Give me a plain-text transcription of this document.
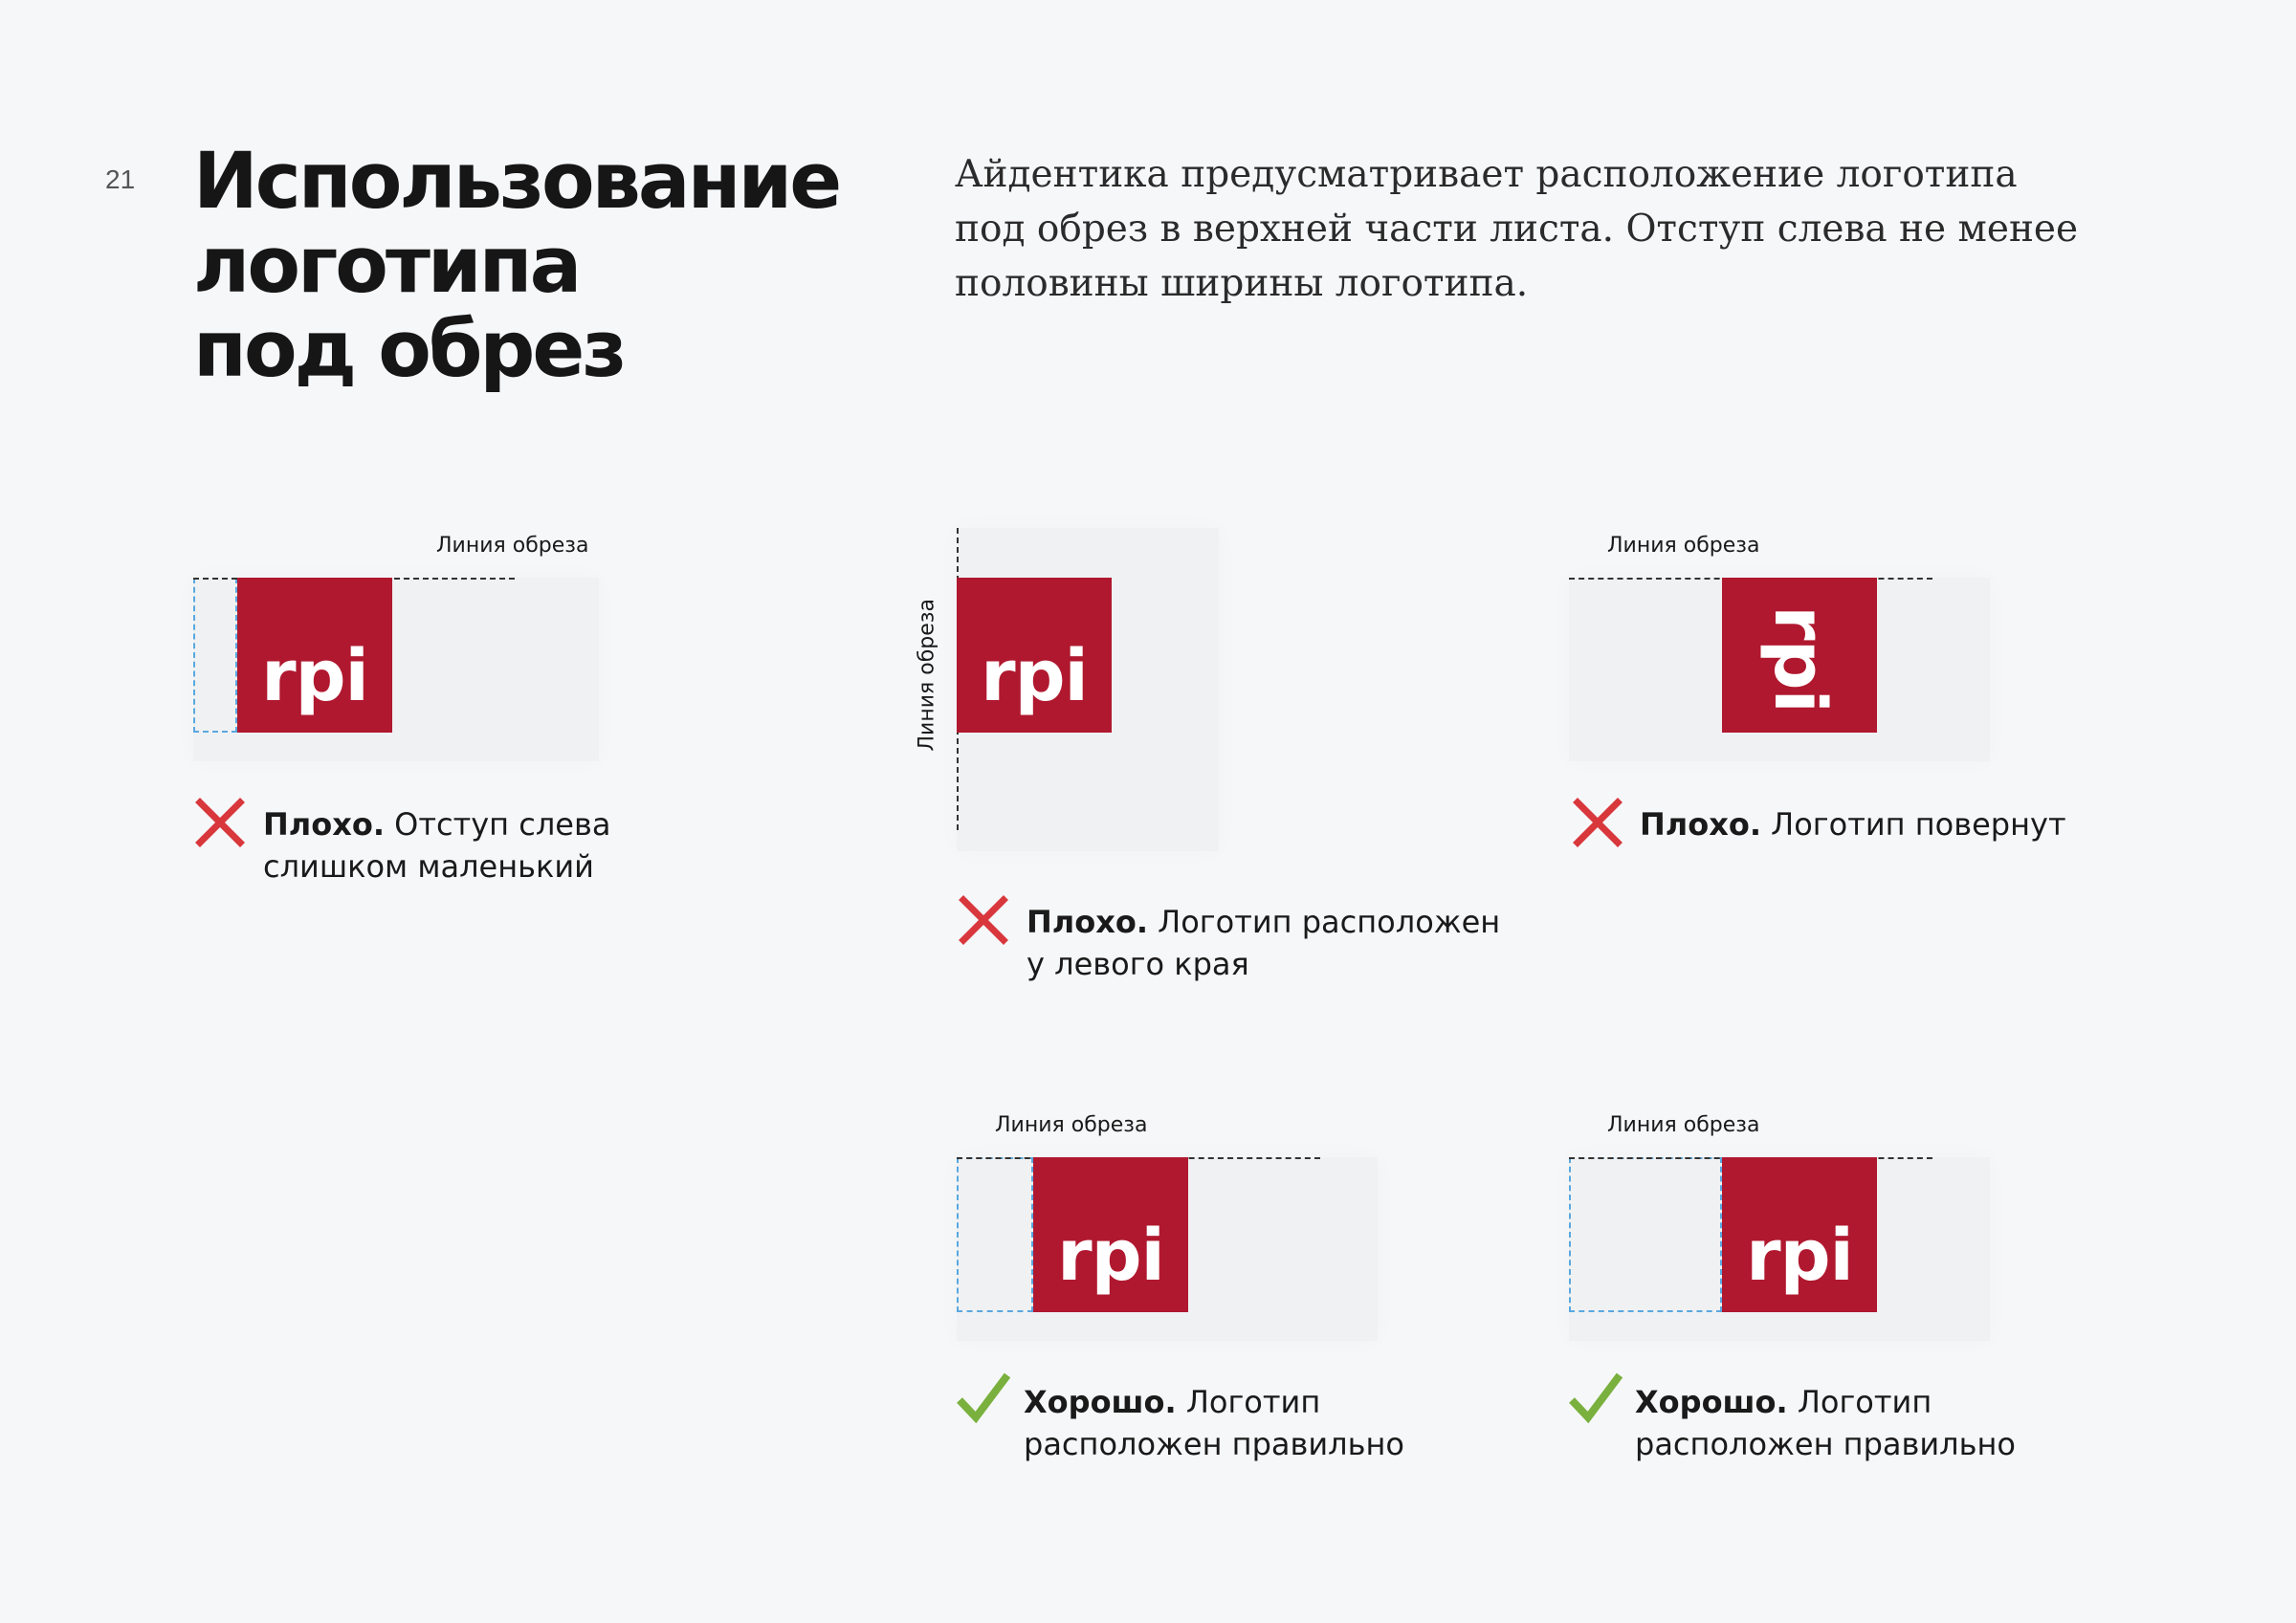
21 Использование
логотипа
под обрез

Айдентика предусматривает расположение логотипа
под обрез в верхней части листа. Отступ слева не менее
половины ширины логотипа.

Линия обреза
rpi

Плохо. Отступ слева
слишком маленький

Линия обреза rpi

Плохо. Логотип расположен
у левого края

Линия обреза
rpi

Плохо. Логотип повернут

Линия обреза
rpi

Хорошо. Логотип
расположен правильно

Линия обреза
rpi

Хорошо. Логотип
расположен правильно
